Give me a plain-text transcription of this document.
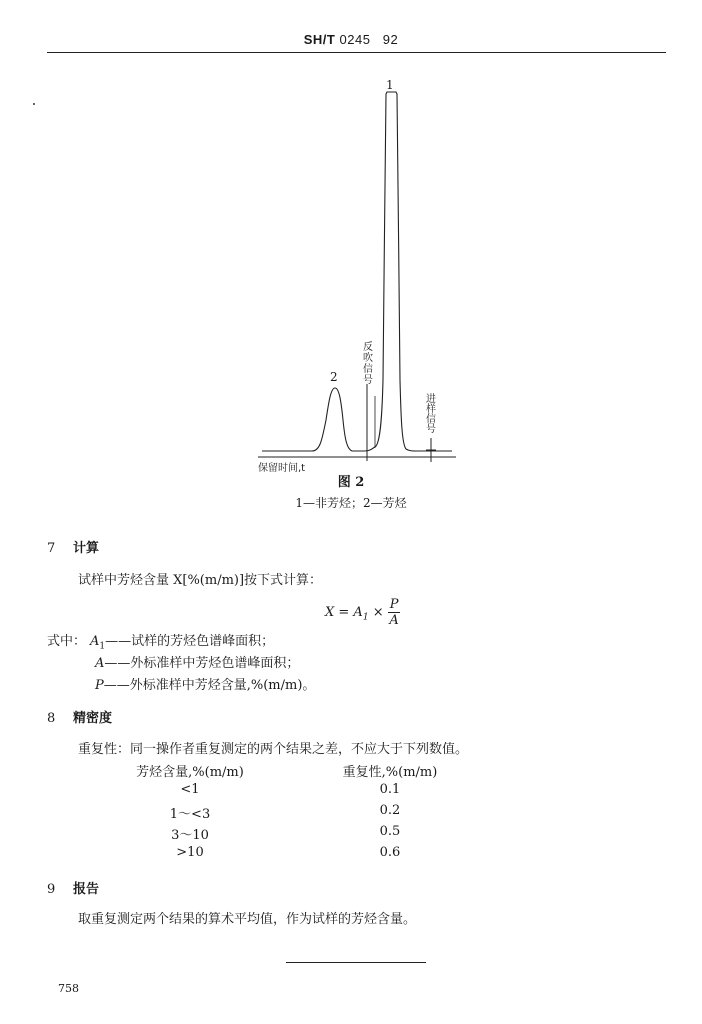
SH/T 0245 92
1
2
反
吹
信
号
进
样
信
号
保留时间,t
图 2
1—非芳烃；2—芳烃
7 计算
试样中芳烃含量 X[%(m/m)]按下式计算：
$X = A_1 \times \frac{P}{A}$
式中： $A_1——$试样的芳烃色谱峰面积；
A——外标准样中芳烃色谱峰面积；
P——外标准样中芳烃含量,%(m/m)。
8 精密度
重复性：同一操作者重复测定的两个结果之差，不应大于下列数值。
芳烃含量,%(m/m)	重复性,%(m/m)
<1	0.1
1～<3	0.2
3～10	0.5
>10	0.6
9 报告
取重复测定两个结果的算术平均值，作为试样的芳烃含量。
758
